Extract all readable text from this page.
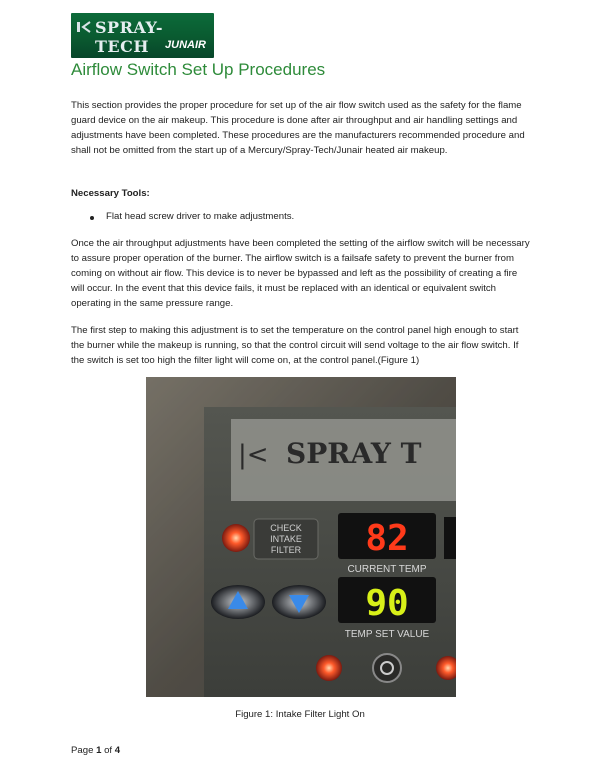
SPRAY-TECH	JUNAIR
Airflow Switch Set Up Procedures

This section provides the proper procedure for set up of the air flow switch used as the safety for the flame guard device on the air makeup. This procedure is done after air throughput and air handling settings and adjustments have been completed. These procedures are the manufacturers recommended procedure and shall not be omitted from the start up of a Mercury/Spray-Tech/Junair heated air makeup.

Necessary Tools:

Flat head screw driver to make adjustments.

Once the air throughput adjustments have been completed the setting of the airflow switch will be necessary to assure proper operation of the burner. The airflow switch is a failsafe safety to prevent the burner from coming on without air flow. This device is to never be bypassed and left as the possibility of creating a fire will occur. In the event that this device fails, it must be replaced with an identical or equivalent switch operating in the same pressure range.

The first step to making this adjustment is to set the temperature on the control panel high enough to start the burner while the makeup is running, so that the control circuit will send voltage to the air flow switch. If the switch is set too high the filter light will come on, at the control panel.(Figure 1)

SPRAY T
|<
CHECK
INTAKE
FILTER 82
CURRENT TEMP
90
TEMP SET VALUE
Figure 1: Intake Filter Light On
Page 1 of 4
